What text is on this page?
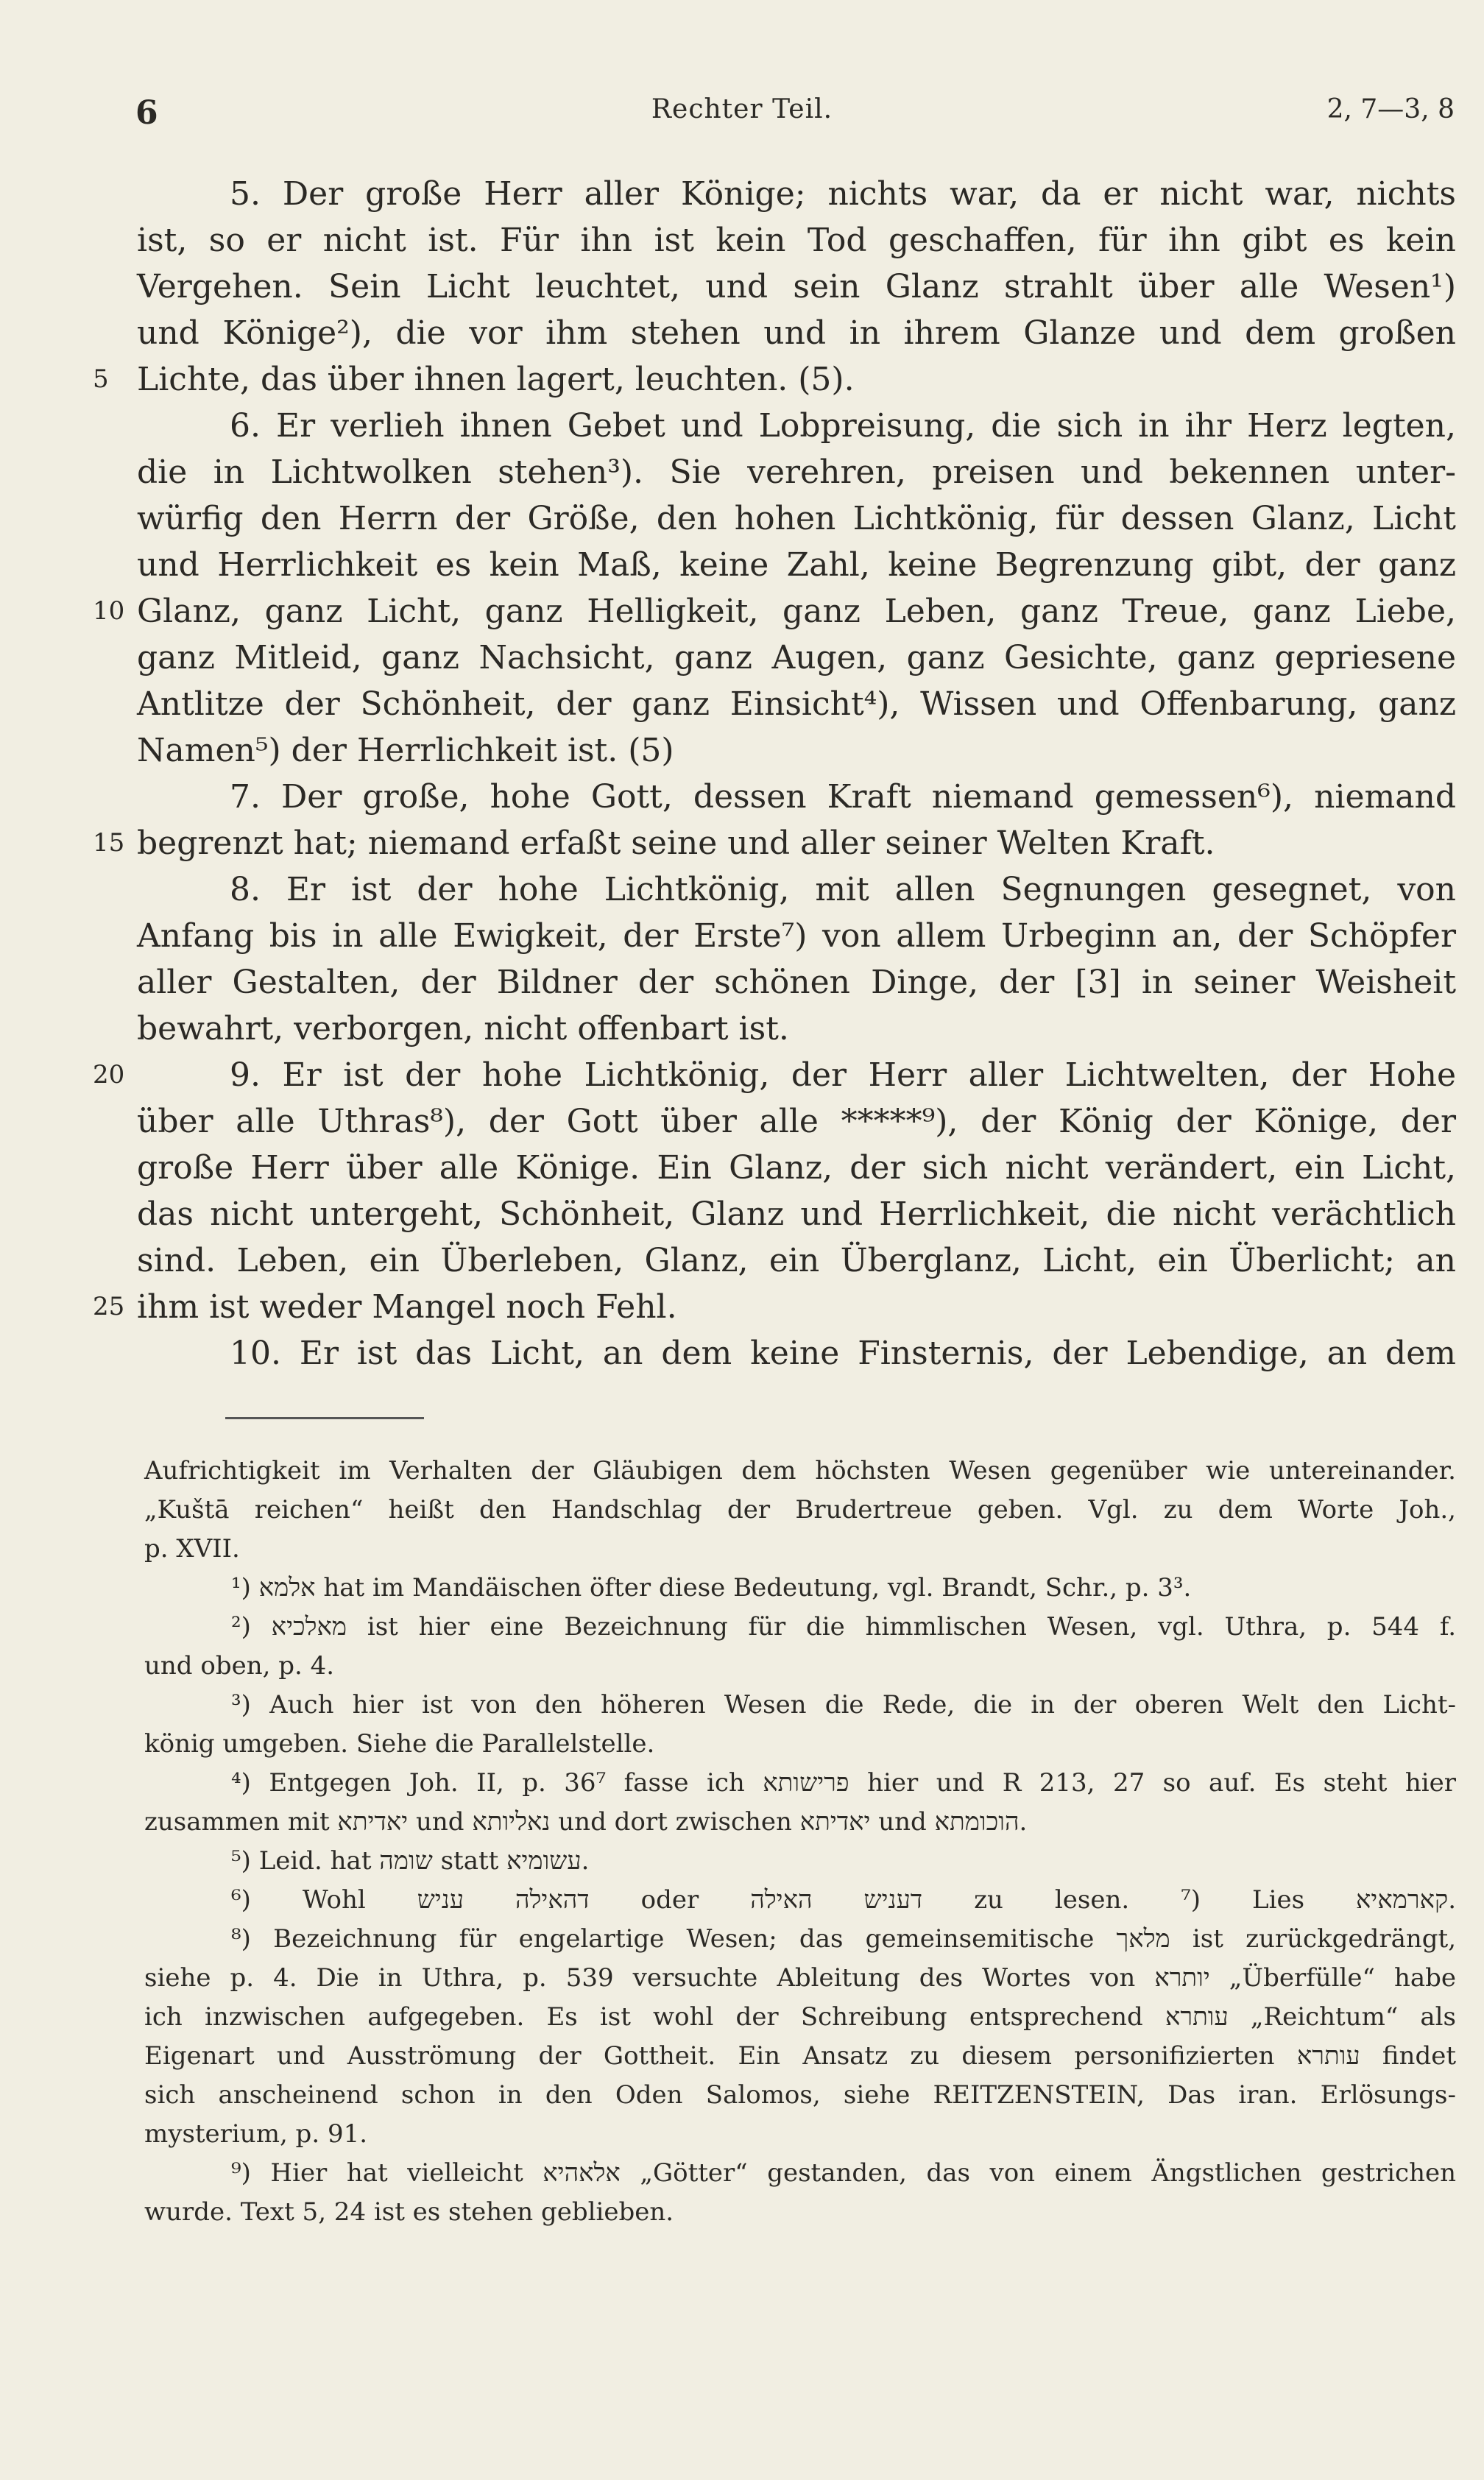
6	Rechter Teil.	2, 7—3, 8
5. Der große Herr aller Könige; nichts war, da er nicht war, nichts
ist, so er nicht ist. Für ihn ist kein Tod geschaffen, für ihn gibt es kein
Vergehen. Sein Licht leuchtet, und sein Glanz strahlt über alle Wesen¹)
und Könige²), die vor ihm stehen und in ihrem Glanze und dem großen
5 Lichte, das über ihnen lagert, leuchten. (5).
6. Er verlieh ihnen Gebet und Lobpreisung, die sich in ihr Herz legten,
die in Lichtwolken stehen³). Sie verehren, preisen und bekennen unter-
würfig den Herrn der Größe, den hohen Lichtkönig, für dessen Glanz, Licht
und Herrlichkeit es kein Maß, keine Zahl, keine Begrenzung gibt, der ganz
10 Glanz, ganz Licht, ganz Helligkeit, ganz Leben, ganz Treue, ganz Liebe,
ganz Mitleid, ganz Nachsicht, ganz Augen, ganz Gesichte, ganz gepriesene
Antlitze der Schönheit, der ganz Einsicht⁴), Wissen und Offenbarung, ganz
Namen⁵) der Herrlichkeit ist. (5)
7. Der große, hohe Gott, dessen Kraft niemand gemessen⁶), niemand
15 begrenzt hat; niemand erfaßt seine und aller seiner Welten Kraft.
8. Er ist der hohe Lichtkönig, mit allen Segnungen gesegnet, von
Anfang bis in alle Ewigkeit, der Erste⁷) von allem Urbeginn an, der Schöpfer
aller Gestalten, der Bildner der schönen Dinge, der [3] in seiner Weisheit
bewahrt, verborgen, nicht offenbart ist.
20	9. Er ist der hohe Lichtkönig, der Herr aller Lichtwelten, der Hohe
über alle Uthras⁸), der Gott über alle *****⁹), der König der Könige, der
große Herr über alle Könige. Ein Glanz, der sich nicht verändert, ein Licht,
das nicht untergeht, Schönheit, Glanz und Herrlichkeit, die nicht verächtlich
sind. Leben, ein Überleben, Glanz, ein Überglanz, Licht, ein Überlicht; an
25 ihm ist weder Mangel noch Fehl.
10. Er ist das Licht, an dem keine Finsternis, der Lebendige, an dem
Aufrichtigkeit im Verhalten der Gläubigen dem höchsten Wesen gegenüber wie untereinander.
„Kuštā reichen“ heißt den Handschlag der Brudertreue geben. Vgl. zu dem Worte Joh.,
p. XVII.
¹) אלמא hat im Mandäischen öfter diese Bedeutung, vgl. Brandt, Schr., p. 3³.
²) מאלכיא ist hier eine Bezeichnung für die himmlischen Wesen, vgl. Uthra, p. 544 f.
und oben, p. 4.
³) Auch hier ist von den höheren Wesen die Rede, die in der oberen Welt den Licht-
könig umgeben. Siehe die Parallelstelle.
⁴) Entgegen Joh. II, p. 36⁷ fasse ich פרישותא hier und R 213, 27 so auf. Es steht hier
zusammen mit יאדיתא und נאליותא und dort zwischen יאדיתא und הוכומתא.
⁵) Leid. hat שומה statt עשומיא.
⁶) Wohl דהאילה עניש oder דעניש האילה zu lesen. ⁷) Lies קארמאיא.
⁸) Bezeichnung für engelartige Wesen; das gemeinsemitische מלאך ist zurückgedrängt,
siehe p. 4. Die in Uthra, p. 539 versuchte Ableitung des Wortes von יותרא „Überfülle“ habe
ich inzwischen aufgegeben. Es ist wohl der Schreibung entsprechend עותרא „Reichtum“ als
Eigenart und Ausströmung der Gottheit. Ein Ansatz zu diesem personifizierten עותרא findet
sich anscheinend schon in den Oden Salomos, siehe REITZENSTEIN, Das iran. Erlösungs-
mysterium, p. 91.
⁹) Hier hat vielleicht אלאהיא „Götter“ gestanden, das von einem Ängstlichen gestrichen
wurde. Text 5, 24 ist es stehen geblieben.
